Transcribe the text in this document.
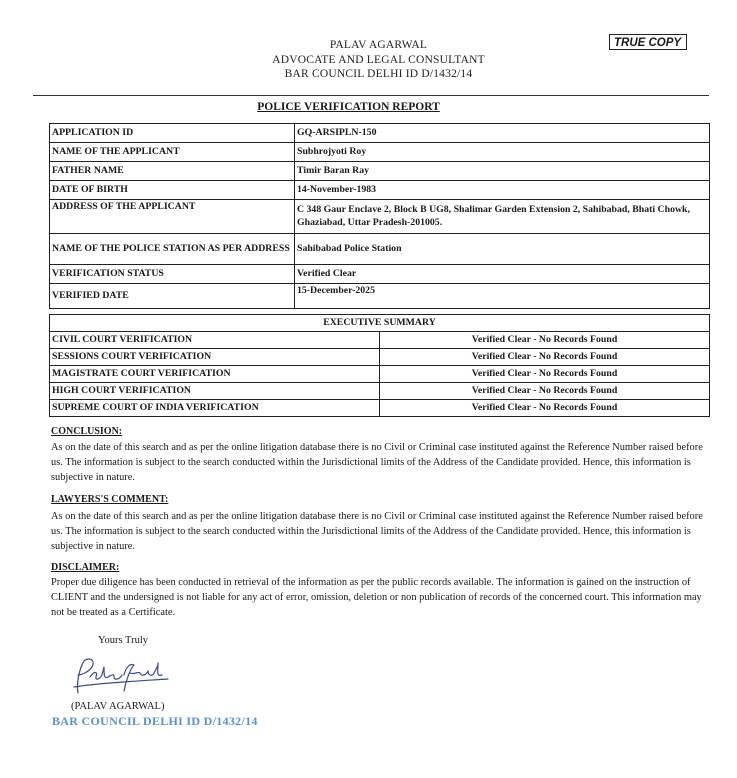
PALAV AGARWAL
ADVOCATE AND LEGAL CONSULTANT
BAR COUNCIL DELHI ID D/1432/14
TRUE COPY
POLICE VERIFICATION REPORT
APPLICATION ID	GQ-ARSIPLN-150
NAME OF THE APPLICANT	Subhrojyoti Roy
FATHER NAME	Timir Baran Ray
DATE OF BIRTH	14-November-1983
ADDRESS OF THE APPLICANT	C 348 Gaur Enclave 2, Block B UG8, Shalimar Garden Extension 2, Sahibabad, Bhati Chowk, Ghaziabad, Uttar Pradesh-201005.
NAME OF THE POLICE STATION AS PER ADDRESS	Sahibabad Police Station
VERIFICATION STATUS	Verified Clear
VERIFIED DATE	15-December-2025
EXECUTIVE SUMMARY	
CIVIL COURT VERIFICATION	Verified Clear - No Records Found
SESSIONS COURT VERIFICATION	Verified Clear - No Records Found
MAGISTRATE COURT VERIFICATION	Verified Clear - No Records Found
HIGH COURT VERIFICATION	Verified Clear - No Records Found
SUPREME COURT OF INDIA VERIFICATION	Verified Clear - No Records Found
CONCLUSION:
As on the date of this search and as per the online litigation database there is no Civil or Criminal case instituted against the Reference Number raised before us. The information is subject to the search conducted within the Jurisdictional limits of the Address of the Candidate provided. Hence, this information is subjective in nature.
LAWYERS'S COMMENT:
As on the date of this search and as per the online litigation database there is no Civil or Criminal case instituted against the Reference Number raised before us. The information is subject to the search conducted within the Jurisdictional limits of the Address of the Candidate provided. Hence, this information is subjective in nature.
DISCLAIMER:
Proper due diligence has been conducted in retrieval of the information as per the public records available. The information is gained on the instruction of CLIENT and the undersigned is not liable for any act of error, omission, deletion or non publication of records of the concerned court. This information may not be treated as a Certificate.
Yours Truly
(PALAV AGARWAL)
BAR COUNCIL DELHI ID D/1432/14
